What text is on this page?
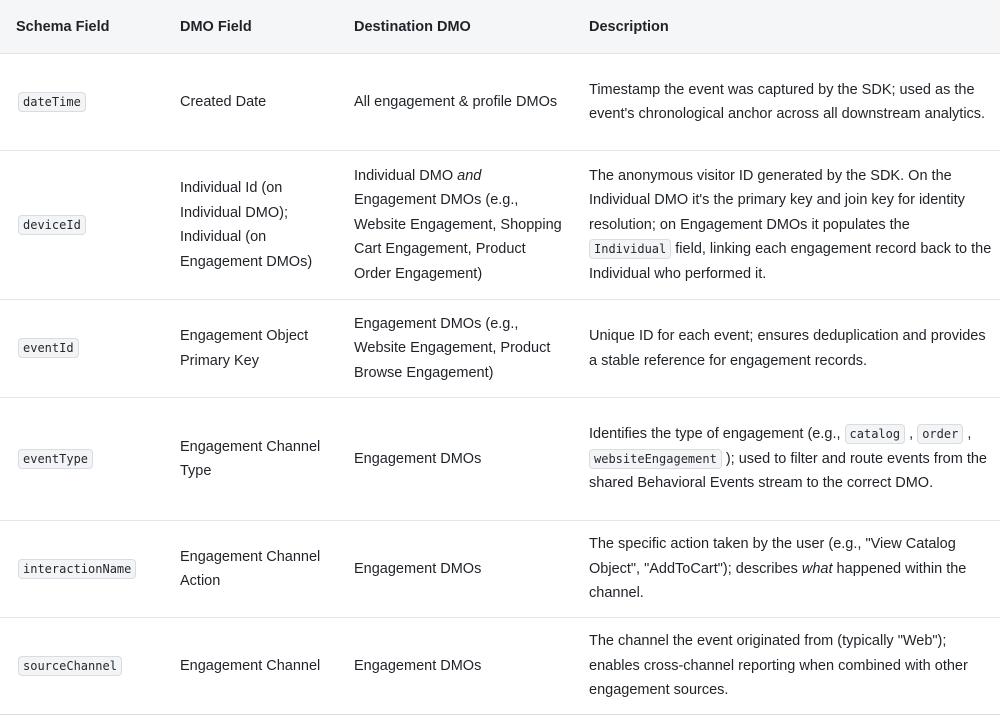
Schema Field	DMO Field	Destination DMO	Description
dateTime	Created Date	All engagement & profile DMOs	Timestamp the event was captured by the SDK; used as the event's chronological anchor across all downstream analytics.
deviceId	Individual Id (on Individual DMO); Individual (on Engagement DMOs)	Individual DMO and Engagement DMOs (e.g., Website Engagement, Shopping Cart Engagement, Product Order Engagement)	The anonymous visitor ID generated by the SDK. On the Individual DMO it's the primary key and join key for identity resolution; on Engagement DMOs it populates the Individual field, linking each engagement record back to the Individual who performed it.
eventId	Engagement Object Primary Key	Engagement DMOs (e.g., Website Engagement, Product Browse Engagement)	Unique ID for each event; ensures deduplication and provides a stable reference for engagement records.
eventType	Engagement Channel Type	Engagement DMOs	Identifies the type of engagement (e.g., catalog , order , websiteEngagement ); used to filter and route events from the shared Behavioral Events stream to the correct DMO.
interactionName	Engagement Channel Action	Engagement DMOs	The specific action taken by the user (e.g., "View Catalog Object", "AddToCart"); describes what happened within the channel.
sourceChannel	Engagement Channel	Engagement DMOs	The channel the event originated from (typically "Web"); enables cross-channel reporting when combined with other engagement sources.
